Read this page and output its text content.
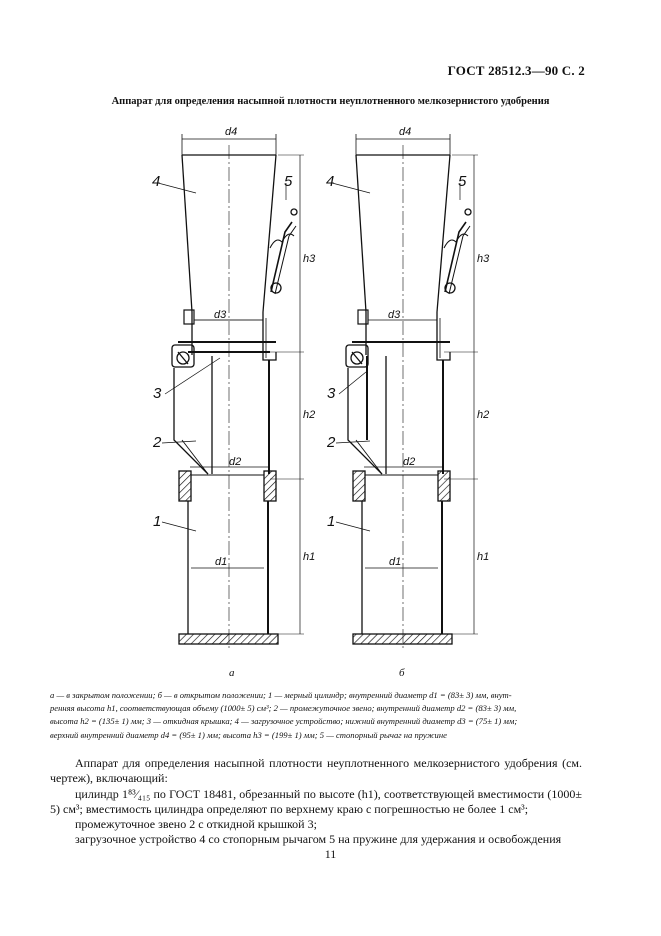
ГОСТ 28512.3—90 С. 2
Аппарат для определения насыпной плотности неуплотненного мелкозернистого удобрения
d4
d3
d2
d1	h1
h2
h3
1
2
3
4	5
d4
d3
d2
d1	h1
h2
h3
1
2
3
4	5
а	б
а — в закрытом положении; б — в открытом положении; 1 — мерный цилиндр; внутренний диаметр d1 = (83± 3) мм, внут-
ренняя высота h1, соответствующая объему (1000± 5) см³; 2 — промежуточное звено; внутренний диаметр d2 = (83± 3) мм,
высота h2 = (135± 1) мм; 3 — откидная крышка; 4 — загрузочное устройство; нижний внутренний диаметр d3 = (75± 1) мм;
верхний внутренний диаметр d4 = (95± 1) мм; высота h3 = (199± 1) мм; 5 — стопорный рычаг на пружине

Аппарат для определения насыпной плотности неуплотненного мелкозернистого удобрения (см. чертеж), включающий:

цилиндр 1⁸³⁄₄₁₅ по ГОСТ 18481, обрезанный по высоте (h1), соответствующей вместимости (1000± 5) см³; вместимость цилиндра определяют по верхнему краю с погрешностью не более 1 см³;

промежуточное звено 2 с откидной крышкой 3;

загрузочное устройство 4 со стопорным рычагом 5 на пружине для удержания и освобождения

11
